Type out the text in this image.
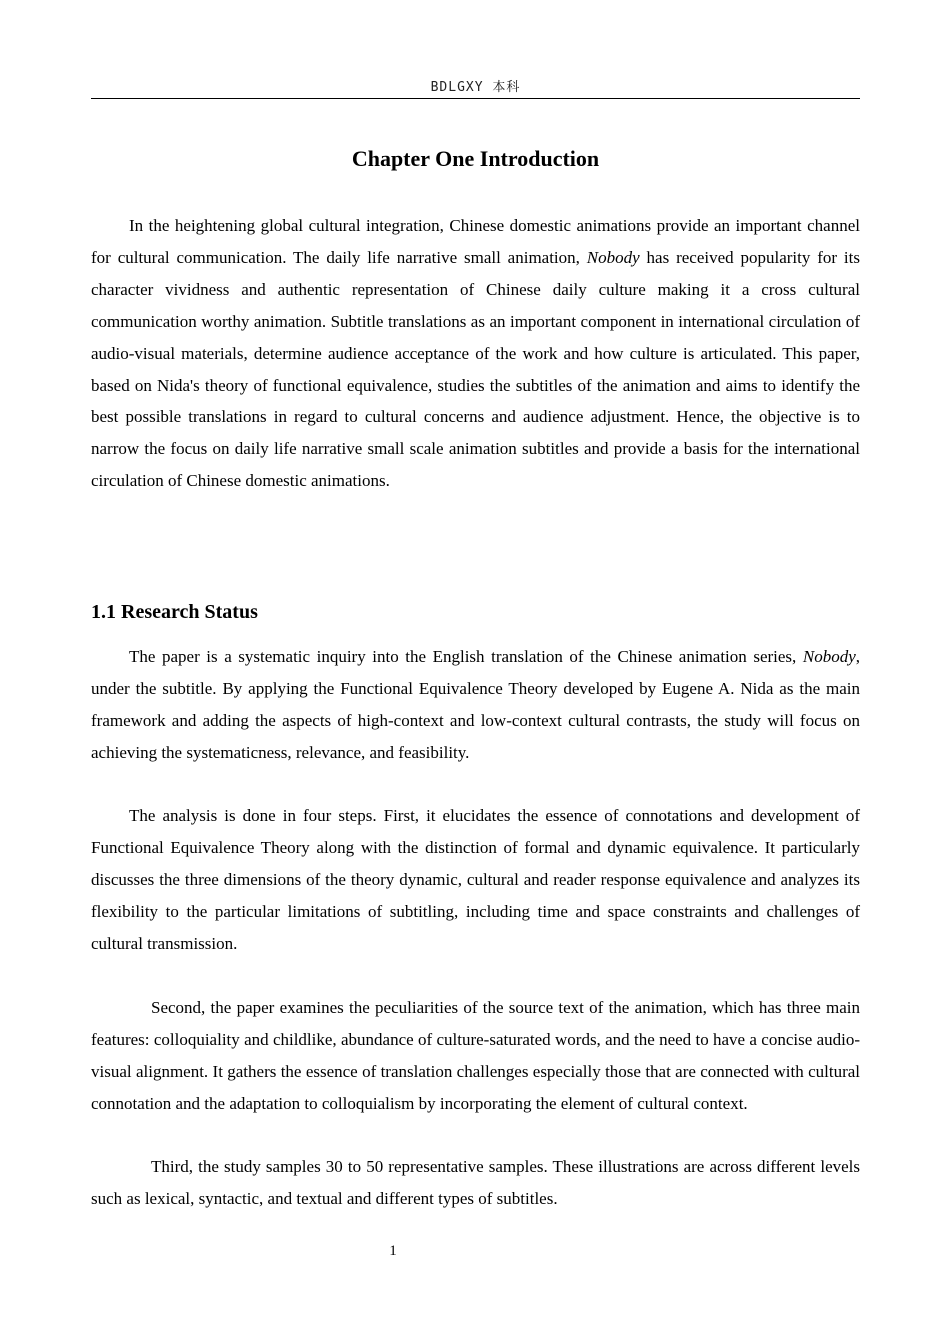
BDLGXY 本科
Chapter One Introduction

In the heightening global cultural integration, Chinese domestic animations provide an important channel for cultural communication. The daily life narrative small animation, Nobody has received popularity for its character vividness and authentic representation of Chinese daily culture making it a cross cultural communication worthy animation. Subtitle translations as an important component in international circulation of audio-visual materials, determine audience acceptance of the work and how culture is articulated. This paper, based on Nida's theory of functional equivalence, studies the subtitles of the animation and aims to identify the best possible translations in regard to cultural concerns and audience adjustment. Hence, the objective is to narrow the focus on daily life narrative small scale animation subtitles and provide a basis for the international circulation of Chinese domestic animations.

1.1 Research Status

The paper is a systematic inquiry into the English translation of the Chinese animation series, Nobody, under the subtitle. By applying the Functional Equivalence Theory developed by Eugene A. Nida as the main framework and adding the aspects of high-context and low-context cultural contrasts, the study will focus on achieving the systematicness, relevance, and feasibility.

The analysis is done in four steps. First, it elucidates the essence of connotations and development of Functional Equivalence Theory along with the distinction of formal and dynamic equivalence. It particularly discusses the three dimensions of the theory dynamic, cultural and reader response equivalence and analyzes its flexibility to the particular limitations of subtitling, including time and space constraints and challenges of cultural transmission.

Second, the paper examines the peculiarities of the source text of the animation, which has three main features: colloquiality and childlike, abundance of culture-saturated words, and the need to have a concise audio-visual alignment. It gathers the essence of translation challenges especially those that are connected with cultural connotation and the adaptation to colloquialism by incorporating the element of cultural context.

Third, the study samples 30 to 50 representative samples. These illustrations are across different levels such as lexical, syntactic, and textual and different types of subtitles.

1
